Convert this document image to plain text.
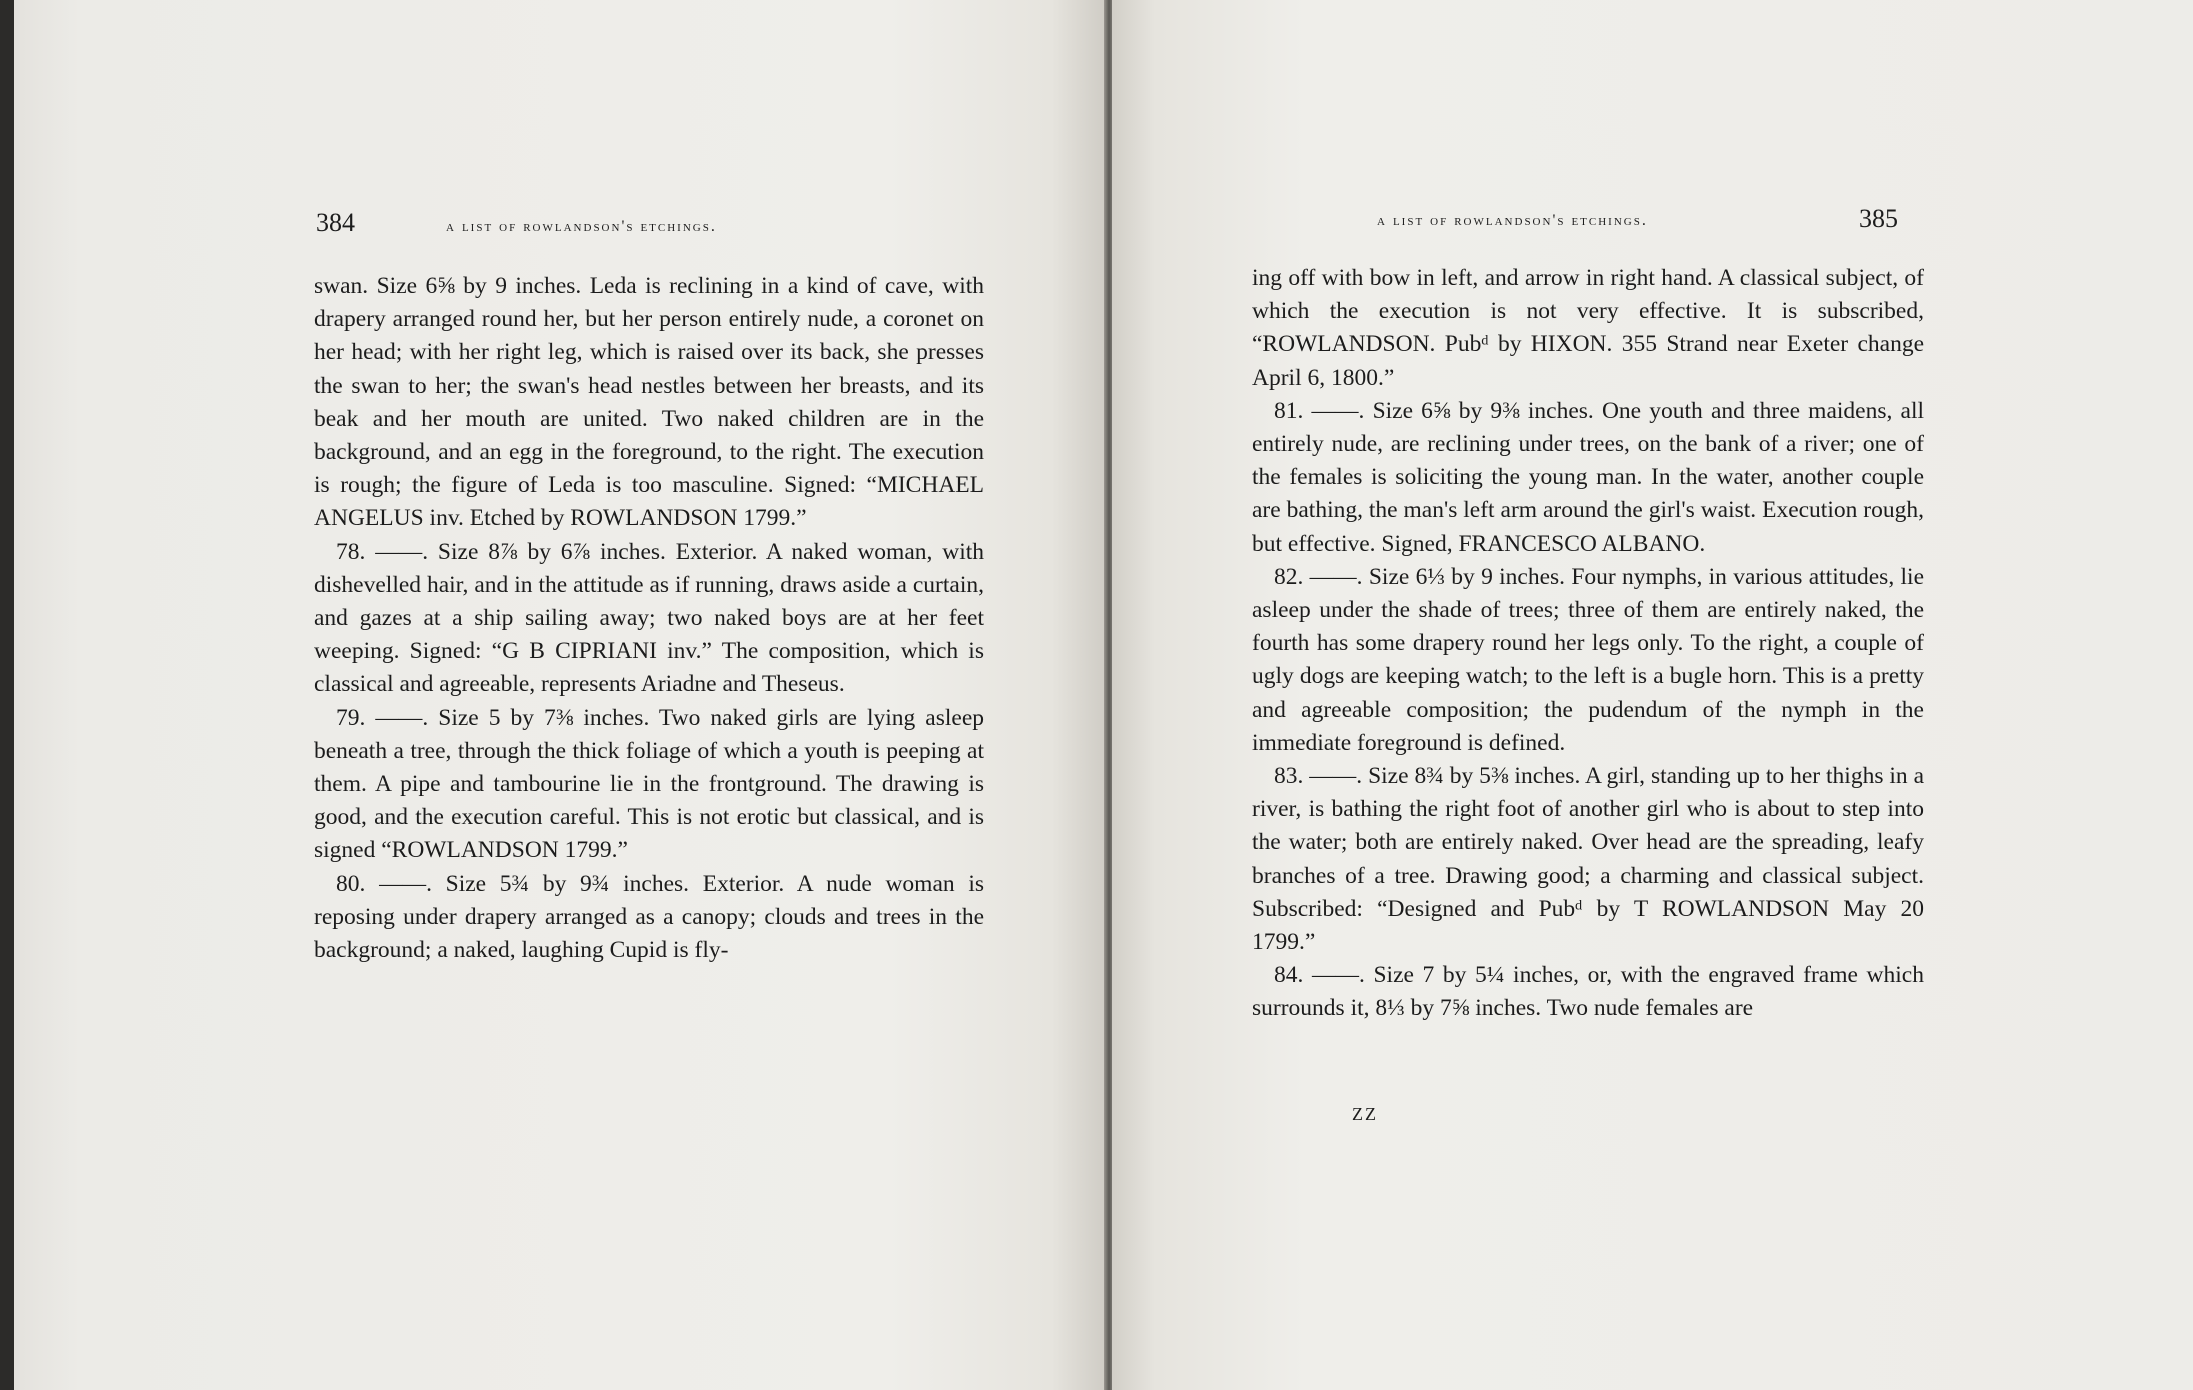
384	a list of rowlandson's etchings.

swan. Size 6⅝ by 9 inches. Leda is reclining in a kind of cave, with drapery arranged round her, but her person entirely nude, a coronet on her head; with her right leg, which is raised over its back, she presses the swan to her; the swan's head nestles between her breasts, and its beak and her mouth are united. Two naked children are in the background, and an egg in the foreground, to the right. The execution is rough; the figure of Leda is too masculine. Signed: “MICHAEL ANGELUS inv. Etched by ROWLANDSON 1799.”

78. ——. Size 8⅞ by 6⅞ inches. Exterior. A naked woman, with dishevelled hair, and in the attitude as if running, draws aside a curtain, and gazes at a ship sailing away; two naked boys are at her feet weeping. Signed: “G B CIPRIANI inv.” The composition, which is classical and agreeable, represents Ariadne and Theseus.

79. ——. Size 5 by 7⅜ inches. Two naked girls are lying asleep beneath a tree, through the thick foliage of which a youth is peeping at them. A pipe and tambourine lie in the frontground. The drawing is good, and the execution careful. This is not erotic but classical, and is signed “ROWLANDSON 1799.”

80. ——. Size 5¾ by 9¾ inches. Exterior. A nude woman is reposing under drapery arranged as a canopy; clouds and trees in the background; a naked, laughing Cupid is fly-

a list of rowlandson's etchings.	385

ing off with bow in left, and arrow in right hand. A classical subject, of which the execution is not very effective. It is subscribed, “ROWLANDSON. Pubᵈ by HIXON. 355 Strand near Exeter change April 6, 1800.”

81. ——. Size 6⅝ by 9⅜ inches. One youth and three maidens, all entirely nude, are reclining under trees, on the bank of a river; one of the females is soliciting the young man. In the water, another couple are bathing, the man's left arm around the girl's waist. Execution rough, but effective. Signed, FRANCESCO ALBANO.

82. ——. Size 6⅓ by 9 inches. Four nymphs, in various attitudes, lie asleep under the shade of trees; three of them are entirely naked, the fourth has some drapery round her legs only. To the right, a couple of ugly dogs are keeping watch; to the left is a bugle horn. This is a pretty and agreeable composition; the pudendum of the nymph in the immediate foreground is defined.

83. ——. Size 8¾ by 5⅜ inches. A girl, standing up to her thighs in a river, is bathing the right foot of another girl who is about to step into the water; both are entirely naked. Over head are the spreading, leafy branches of a tree. Drawing good; a charming and classical subject. Subscribed: “Designed and Pubᵈ by T ROWLANDSON May 20 1799.”

84. ——. Size 7 by 5¼ inches, or, with the engraved frame which surrounds it, 8⅓ by 7⅝ inches. Two nude females are

ZZ
